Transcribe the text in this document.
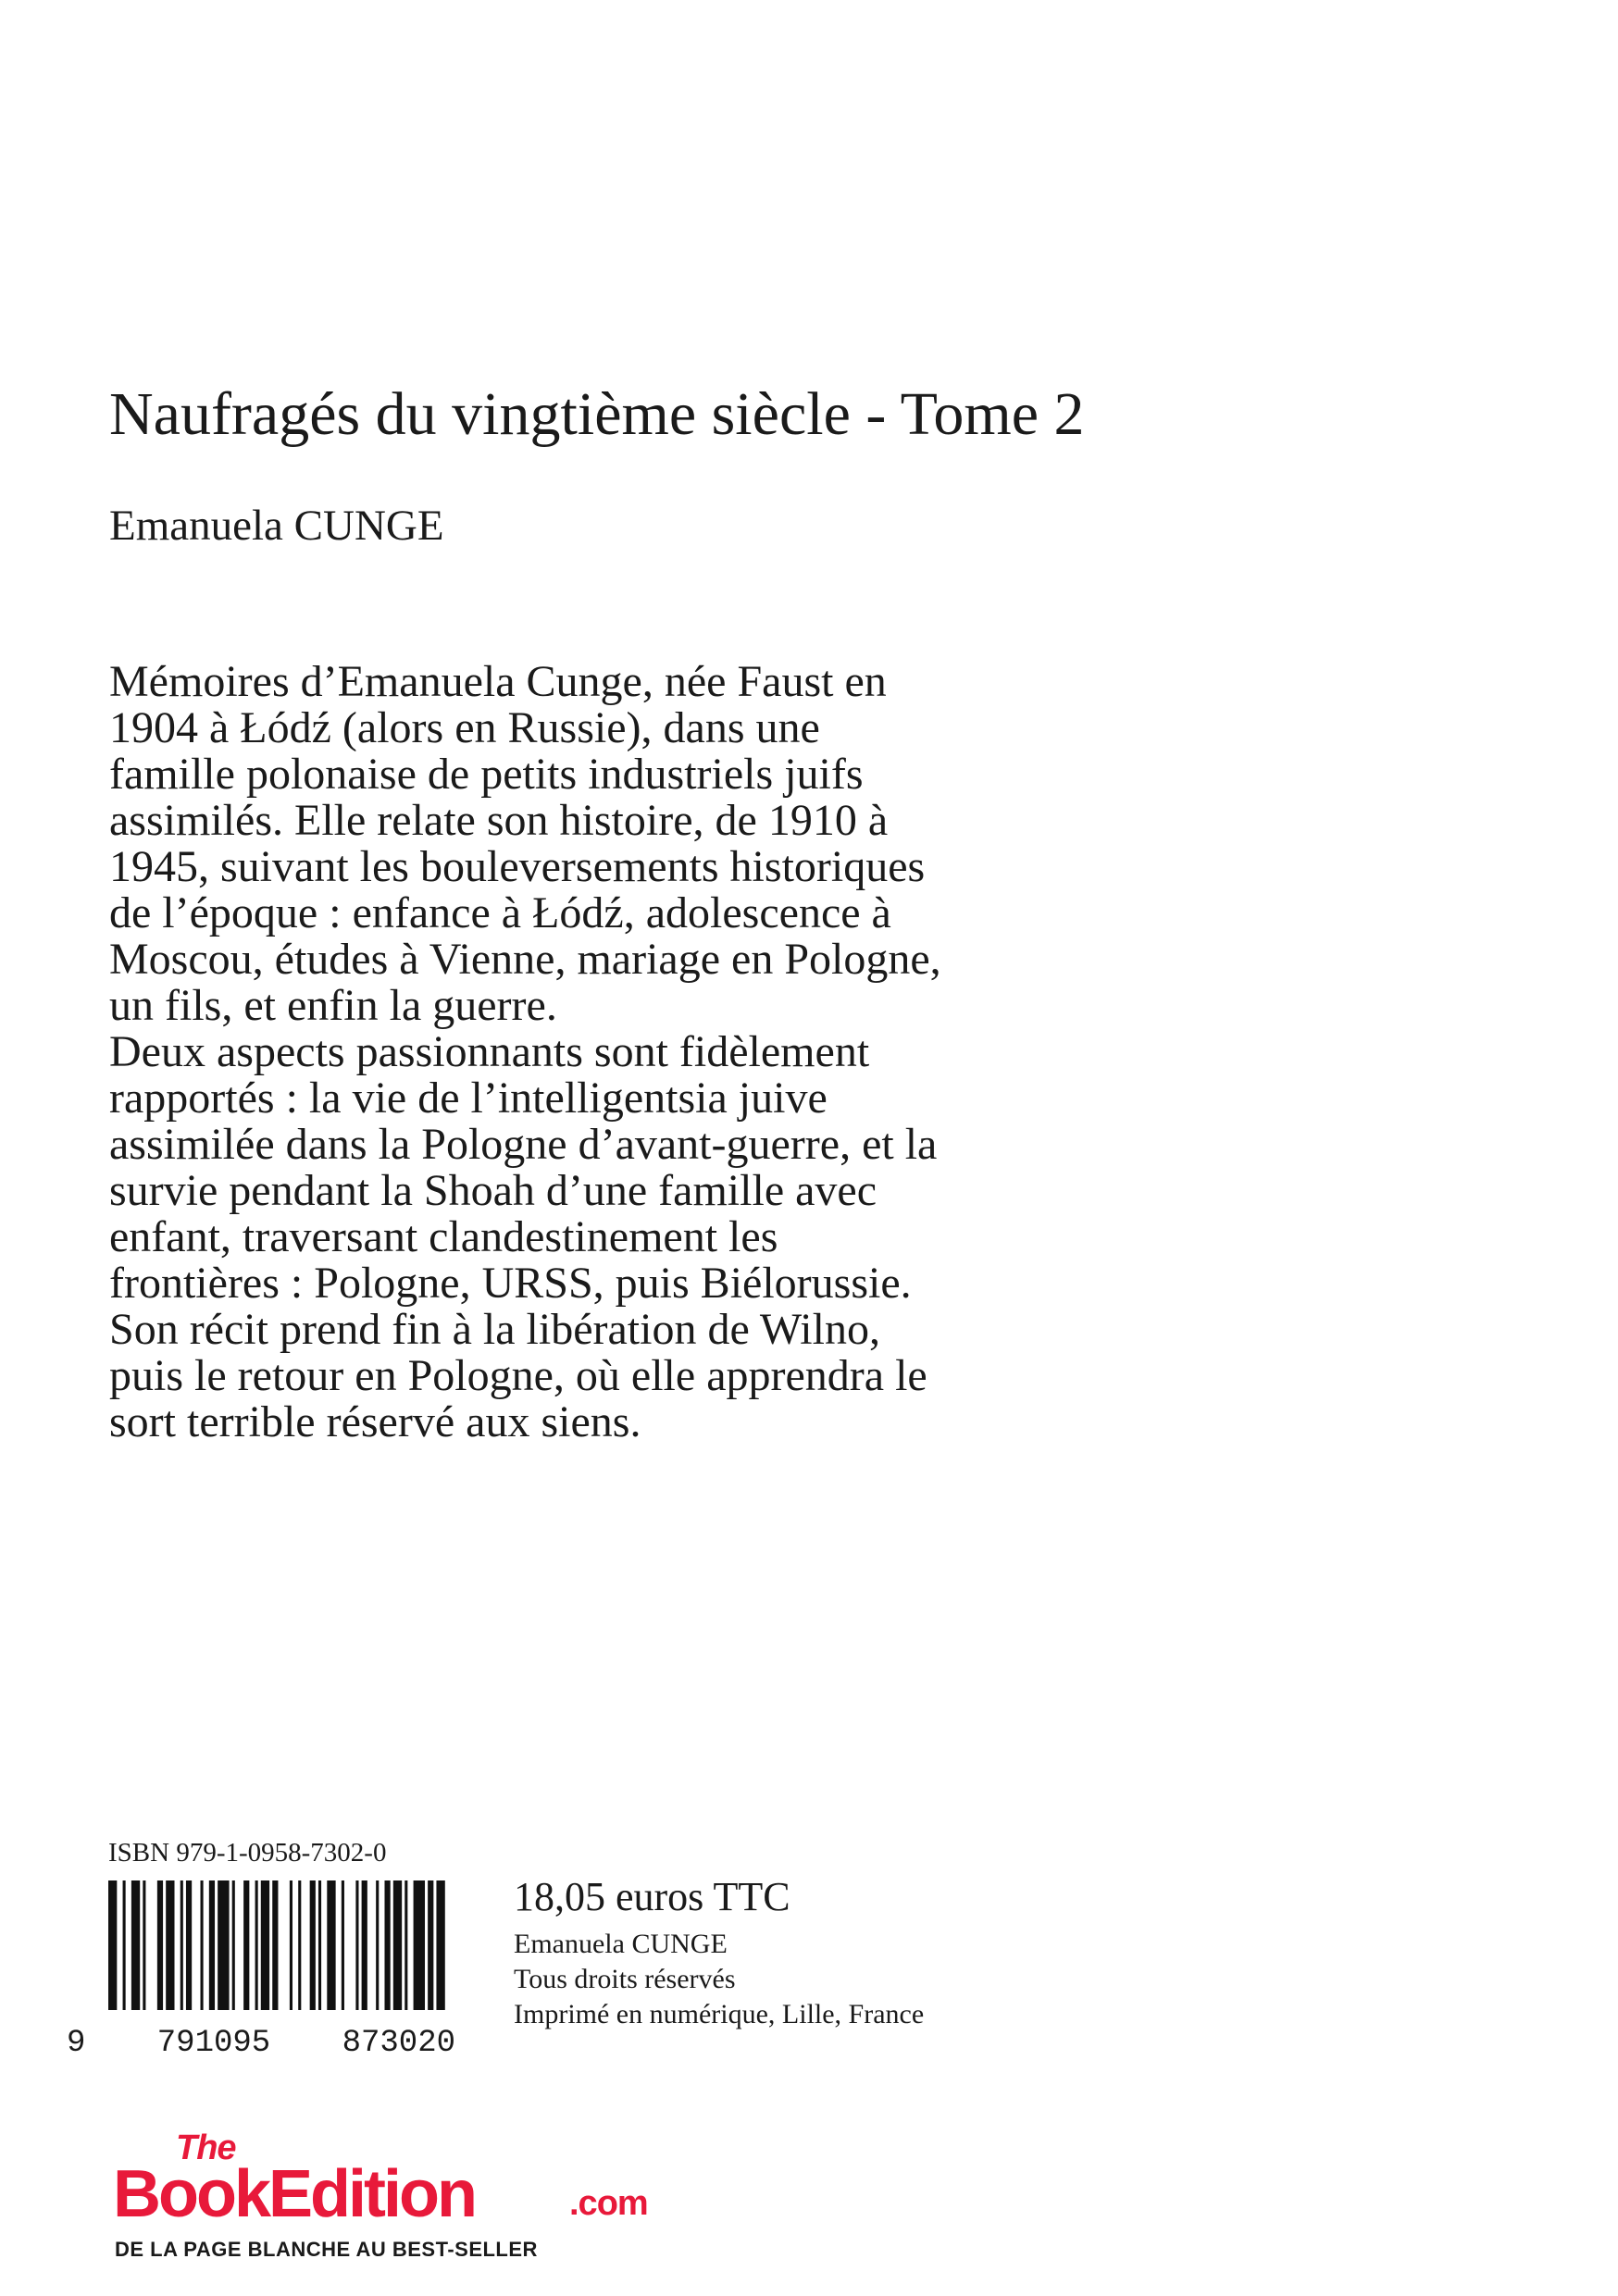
Naufragés du vingtième siècle - Tome 2
Emanuela CUNGE
Mémoires d’Emanuela Cunge, née Faust en
1904 à Łódź (alors en Russie), dans une
famille polonaise de petits industriels juifs
assimilés. Elle relate son histoire, de 1910 à
1945, suivant les bouleversements historiques
de l’époque : enfance à Łódź, adolescence à
Moscou, études à Vienne, mariage en Pologne,
un fils, et enfin la guerre.
Deux aspects passionnants sont fidèlement
rapportés : la vie de l’intelligentsia juive
assimilée dans la Pologne d’avant-guerre, et la
survie pendant la Shoah d’une famille avec
enfant, traversant clandestinement les
frontières : Pologne, URSS, puis Biélorussie.
Son récit prend fin à la libération de Wilno,
puis le retour en Pologne, où elle apprendra le
sort terrible réservé aux siens.
ISBN 979-1-0958-7302-0
9 791095 873020
18,05 euros TTC
Emanuela CUNGE
Tous droits réservés
Imprimé en numérique, Lille, France
The
BookEdition	.com
DE LA PAGE BLANCHE AU BEST-SELLER
